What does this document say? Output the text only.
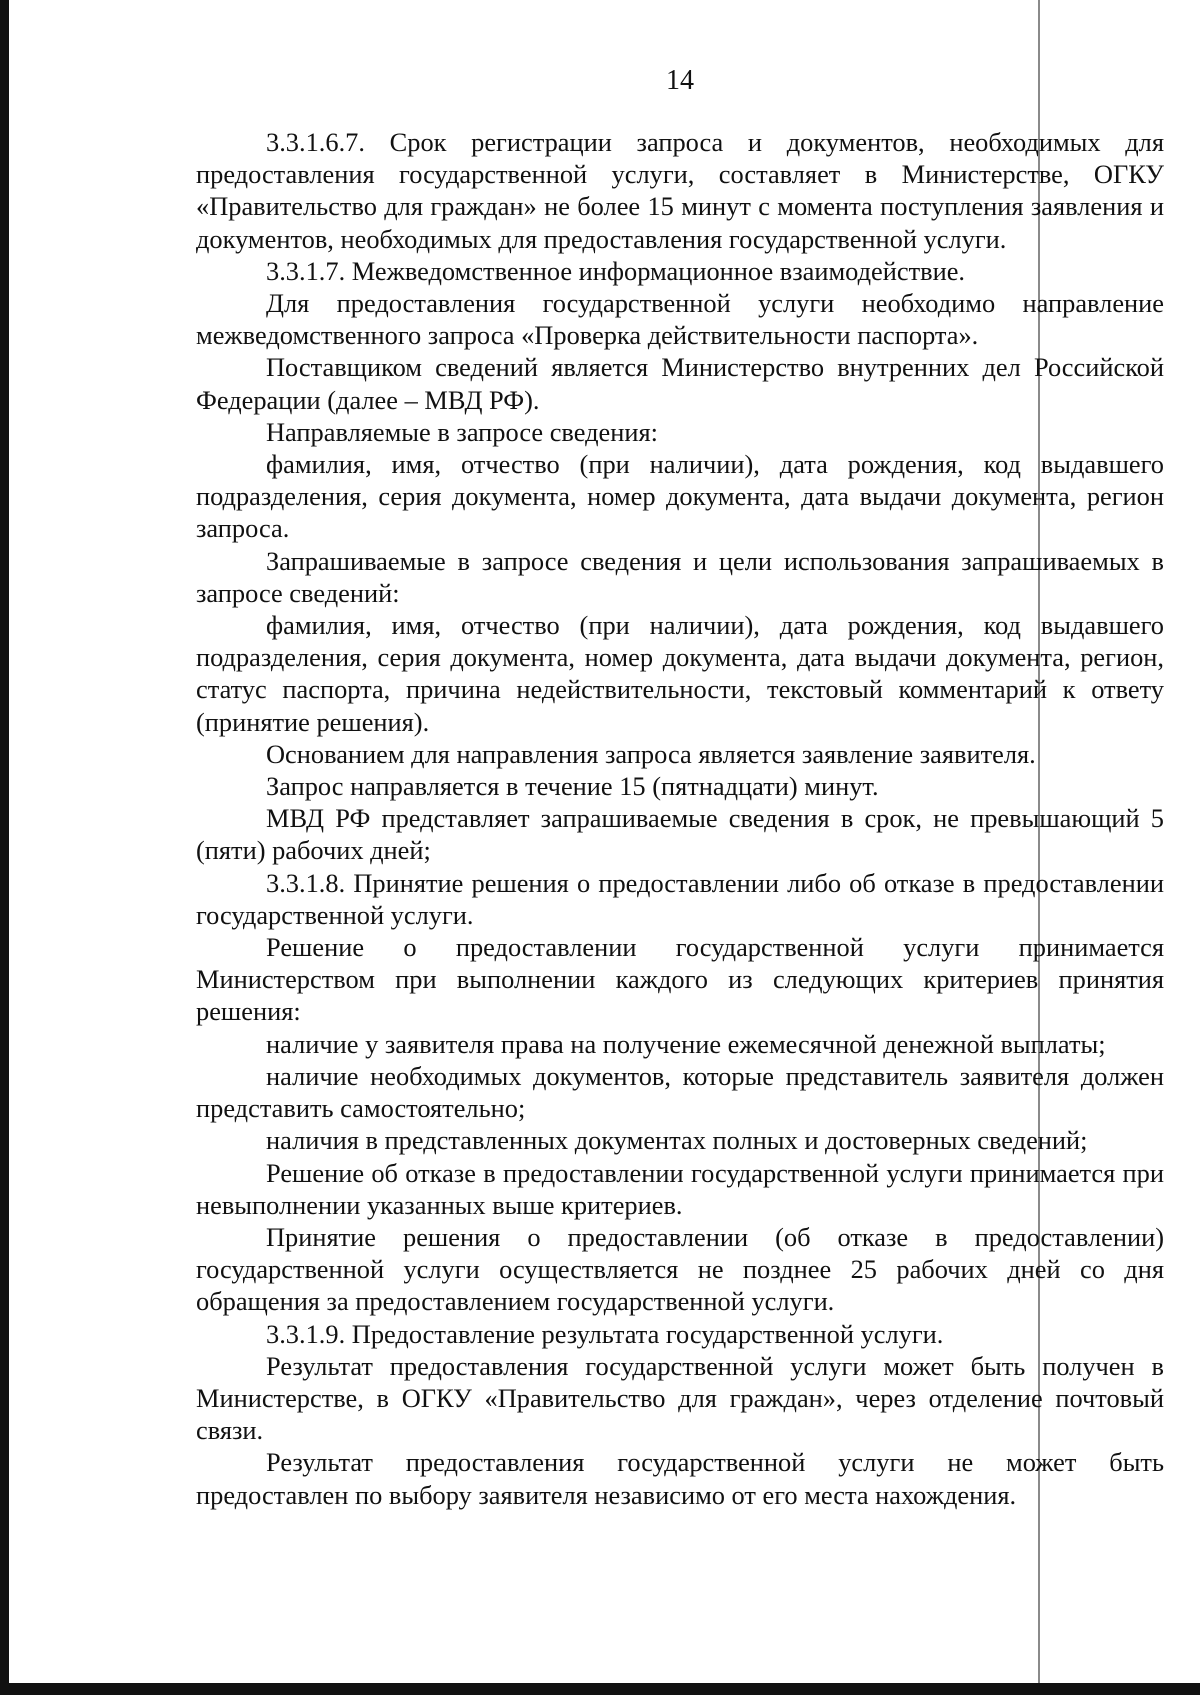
14

3.3.1.6.7. Срок регистрации запроса и документов, необходимых для предоставления государственной услуги, составляет в Министерстве, ОГКУ «Правительство для граждан» не более 15 минут с момента поступления заявления и документов, необходимых для предоставления государственной услуги.

3.3.1.7. Межведомственное информационное взаимодействие.

Для предоставления государственной услуги необходимо направление межведомственного запроса «Проверка действительности паспорта».

Поставщиком сведений является Министерство внутренних дел Российской Федерации (далее – МВД РФ).

Направляемые в запросе сведения:

фамилия, имя, отчество (при наличии), дата рождения, код выдавшего подразделения, серия документа, номер документа, дата выдачи документа, регион запроса.

Запрашиваемые в запросе сведения и цели использования запрашиваемых в запросе сведений:

фамилия, имя, отчество (при наличии), дата рождения, код выдавшего подразделения, серия документа, номер документа, дата выдачи документа, регион, статус паспорта, причина недействительности, текстовый комментарий к ответу (принятие решения).

Основанием для направления запроса является заявление заявителя.

Запрос направляется в течение 15 (пятнадцати) минут.

МВД РФ представляет запрашиваемые сведения в срок, не превышающий 5 (пяти) рабочих дней;

3.3.1.8. Принятие решения о предоставлении либо об отказе в предоставлении государственной услуги.

Решение о предоставлении государственной услуги принимается Министерством при выполнении каждого из следующих критериев принятия решения:

наличие у заявителя права на получение ежемесячной денежной выплаты;

наличие необходимых документов, которые представитель заявителя должен представить самостоятельно;

наличия в представленных документах полных и достоверных сведений;

Решение об отказе в предоставлении государственной услуги принимается при невыполнении указанных выше критериев.

Принятие решения о предоставлении (об отказе в предоставлении) государственной услуги осуществляется не позднее 25 рабочих дней со дня обращения за предоставлением государственной услуги.

3.3.1.9. Предоставление результата государственной услуги.

Результат предоставления государственной услуги может быть получен в Министерстве, в ОГКУ «Правительство для граждан», через отделение почтовый связи.

Результат предоставления государственной услуги не может быть предоставлен по выбору заявителя независимо от его места нахождения.
